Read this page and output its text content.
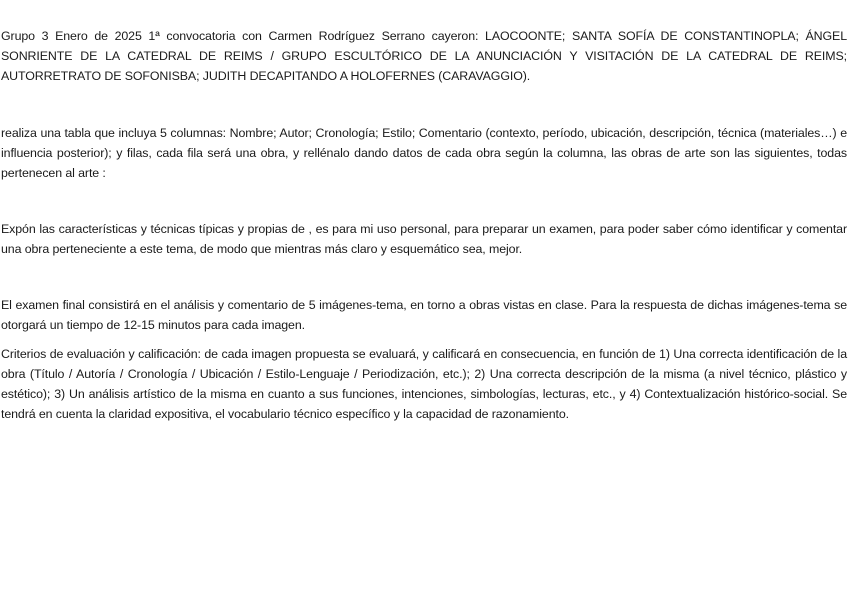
Grupo 3 Enero de 2025 1ª convocatoria con Carmen Rodríguez Serrano cayeron: LAOCOONTE; SANTA SOFÍA DE CONSTANTINOPLA; ÁNGEL SONRIENTE DE LA CATEDRAL DE REIMS / GRUPO ESCULTÓRICO DE LA ANUNCIACIÓN Y VISITACIÓN DE LA CATEDRAL DE REIMS; AUTORRETRATO DE SOFONISBA; JUDITH DECAPITANDO A HOLOFERNES (CARAVAGGIO).

realiza una tabla que incluya 5 columnas: Nombre; Autor; Cronología; Estilo; Comentario (contexto, período, ubicación, descripción, técnica (materiales…) e influencia posterior); y filas, cada fila será una obra, y rellénalo dando datos de cada obra según la columna, las obras de arte son las siguientes, todas pertenecen al arte :

Expón las características y técnicas típicas y propias de , es para mi uso personal, para preparar un examen, para poder saber cómo identificar y comentar una obra perteneciente a este tema, de modo que mientras más claro y esquemático sea, mejor.

El examen final consistirá en el análisis y comentario de 5 imágenes-tema, en torno a obras vistas en clase. Para la respuesta de dichas imágenes-tema se otorgará un tiempo de 12-15 minutos para cada imagen.

Criterios de evaluación y calificación: de cada imagen propuesta se evaluará, y calificará en consecuencia, en función de 1) Una correcta identificación de la obra (Título / Autoría / Cronología / Ubicación / Estilo-Lenguaje / Periodización, etc.); 2) Una correcta descripción de la misma (a nivel técnico, plástico y estético); 3) Un análisis artístico de la misma en cuanto a sus funciones, intenciones, simbologías, lecturas, etc., y 4) Contextualización histórico-social. Se tendrá en cuenta la claridad expositiva, el vocabulario técnico específico y la capacidad de razonamiento.
